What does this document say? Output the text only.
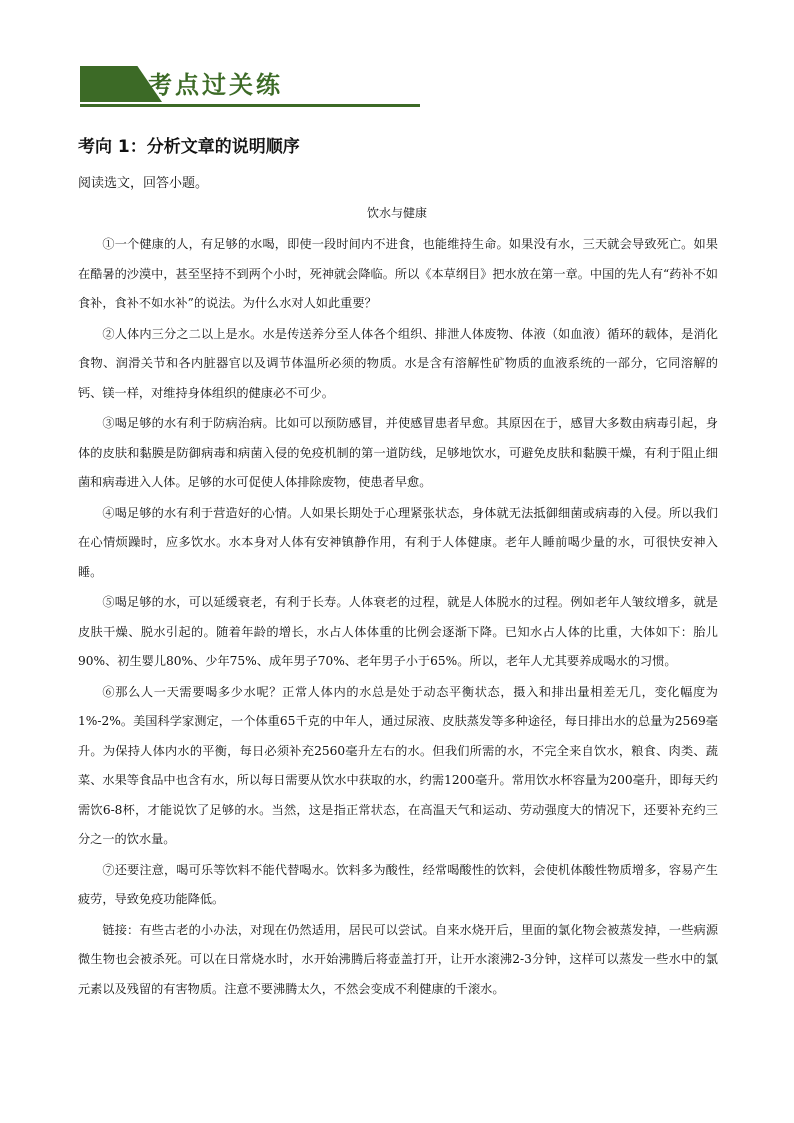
考点过关练
考向 1：分析文章的说明顺序
阅读选文，回答小题。
饮水与健康

①一个健康的人，有足够的水喝，即使一段时间内不进食，也能维持生命。如果没有水，三天就会导致死亡。如果在酷暑的沙漠中，甚至坚持不到两个小时，死神就会降临。所以《本草纲目》把水放在第一章。中国的先人有“药补不如食补，食补不如水补”的说法。为什么水对人如此重要？

②人体内三分之二以上是水。水是传送养分至人体各个组织、排泄人体废物、体液（如血液）循环的载体，是消化食物、润滑关节和各内脏器官以及调节体温所必须的物质。水是含有溶解性矿物质的血液系统的一部分，它同溶解的钙、镁一样，对维持身体组织的健康必不可少。

③喝足够的水有利于防病治病。比如可以预防感冒，并使感冒患者早愈。其原因在于，感冒大多数由病毒引起，身体的皮肤和黏膜是防御病毒和病菌入侵的免疫机制的第一道防线，足够地饮水，可避免皮肤和黏膜干燥，有利于阻止细菌和病毒进入人体。足够的水可促使人体排除废物，使患者早愈。

④喝足够的水有利于营造好的心情。人如果长期处于心理紧张状态，身体就无法抵御细菌或病毒的入侵。所以我们在心情烦躁时，应多饮水。水本身对人体有安神镇静作用，有利于人体健康。老年人睡前喝少量的水，可很快安神入睡。

⑤喝足够的水，可以延缓衰老，有利于长寿。人体衰老的过程，就是人体脱水的过程。例如老年人皱纹增多，就是皮肤干燥、脱水引起的。随着年龄的增长，水占人体体重的比例会逐渐下降。已知水占人体的比重，大体如下：胎儿90%、初生婴儿80%、少年75%、成年男子70%、老年男子小于65%。所以，老年人尤其要养成喝水的习惯。

⑥那么人一天需要喝多少水呢？正常人体内的水总是处于动态平衡状态，摄入和排出量相差无几，变化幅度为1%-2%。美国科学家测定，一个体重65千克的中年人，通过尿液、皮肤蒸发等多种途径，每日排出水的总量为2569毫升。为保持人体内水的平衡，每日必须补充2560毫升左右的水。但我们所需的水，不完全来自饮水，粮食、肉类、蔬菜、水果等食品中也含有水，所以每日需要从饮水中获取的水，约需1200毫升。常用饮水杯容量为200毫升，即每天约需饮6-8杯，才能说饮了足够的水。当然，这是指正常状态，在高温天气和运动、劳动强度大的情况下，还要补充约三分之一的饮水量。

⑦还要注意，喝可乐等饮料不能代替喝水。饮料多为酸性，经常喝酸性的饮料，会使机体酸性物质增多，容易产生疲劳，导致免疫功能降低。

链接：有些古老的小办法，对现在仍然适用，居民可以尝试。自来水烧开后，里面的氯化物会被蒸发掉，一些病源微生物也会被杀死。可以在日常烧水时，水开始沸腾后将壶盖打开，让开水滚沸2-3分钟，这样可以蒸发一些水中的氯元素以及残留的有害物质。注意不要沸腾太久，不然会变成不利健康的千滚水。
